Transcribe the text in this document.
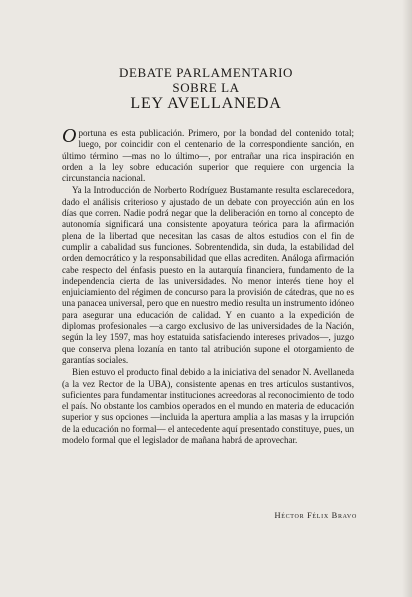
DEBATE PARLAMENTARIO
SOBRE LA
LEY AVELLANEDA

Oportuna es esta publicación. Primero, por la bondad del contenido total; luego, por coincidir con el centenario de la correspondiente sanción, en último término —mas no lo último—, por entrañar una rica inspiración en orden a la ley sobre educación superior que requiere con urgencia la circunstancia nacional.

Ya la Introducción de Norberto Rodríguez Bustamante resulta esclarecedora, dado el análisis criterioso y ajustado de un debate con proyección aún en los días que corren. Nadie podrá negar que la deliberación en torno al concepto de autonomía significará una consistente apoyatura teórica para la afirmación plena de la libertad que necesitan las casas de altos estudios con el fin de cumplir a cabalidad sus funciones. Sobrentendida, sin duda, la estabilidad del orden democrático y la responsabilidad que ellas acrediten. Análoga afirmación cabe respecto del énfasis puesto en la autarquía financiera, fundamento de la independencia cierta de las universidades. No menor interés tiene hoy el enjuiciamiento del régimen de concurso para la provisión de cátedras, que no es una panacea universal, pero que en nuestro medio resulta un instrumento idóneo para asegurar una educación de calidad. Y en cuanto a la expedición de diplomas profesionales —a cargo exclusivo de las universidades de la Nación, según la ley 1597, mas hoy estatuida satisfaciendo intereses privados—, juzgo que conserva plena lozanía en tanto tal atribución supone el otorgamiento de garantías sociales.

Bien estuvo el producto final debido a la iniciativa del senador N. Avellaneda (a la vez Rector de la UBA), consistente apenas en tres artículos sustantivos, suficientes para fundamentar instituciones acreedoras al reconocimiento de todo el país. No obstante los cambios operados en el mundo en materia de educación superior y sus opciones —incluida la apertura amplia a las masas y la irrupción de la educación no formal— el antecedente aquí presentado constituye, pues, un modelo formal que el legislador de mañana habrá de aprovechar.

Héctor Félix Bravo
